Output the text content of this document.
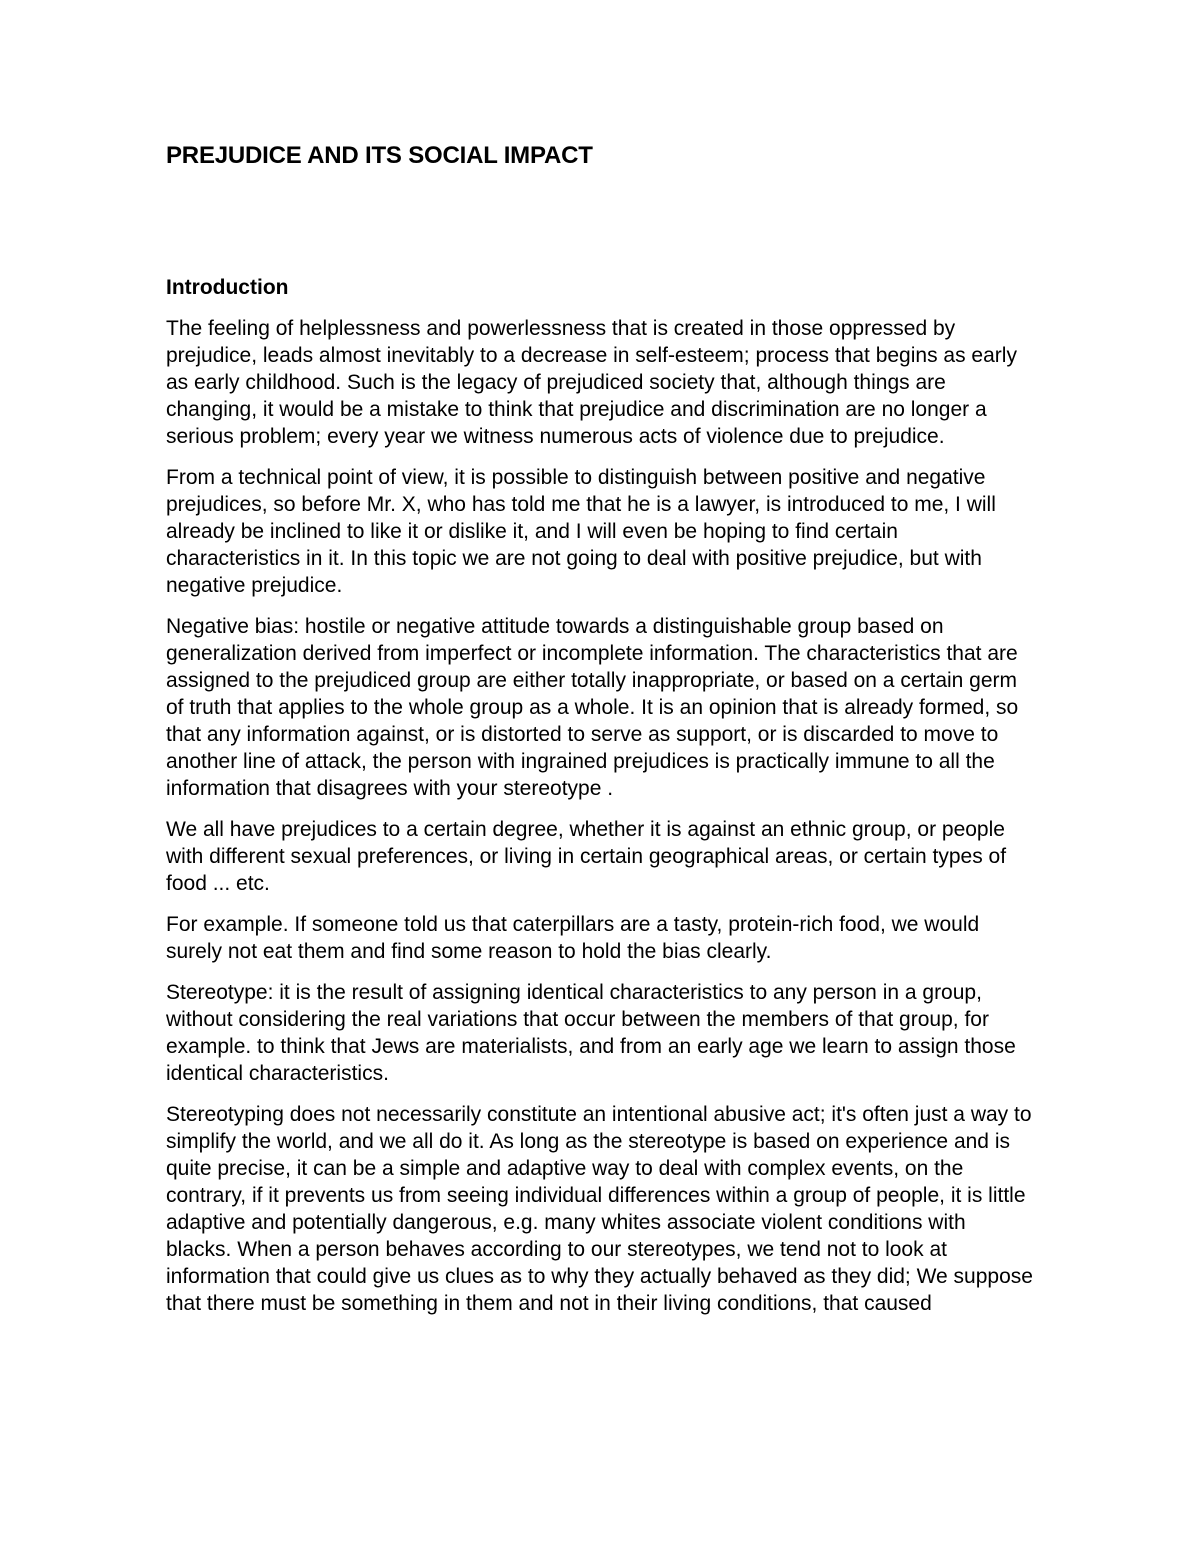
PREJUDICE AND ITS SOCIAL IMPACT
Introduction

The feeling of helplessness and powerlessness that is created in those oppressed by prejudice, leads almost inevitably to a decrease in self-esteem; process that begins as early as early childhood. Such is the legacy of prejudiced society that, although things are changing, it would be a mistake to think that prejudice and discrimination are no longer a serious problem; every year we witness numerous acts of violence due to prejudice.

From a technical point of view, it is possible to distinguish between positive and negative prejudices, so before Mr. X, who has told me that he is a lawyer, is introduced to me, I will already be inclined to like it or dislike it, and I will even be hoping to find certain characteristics in it. In this topic we are not going to deal with positive prejudice, but with negative prejudice.

Negative bias: hostile or negative attitude towards a distinguishable group based on generalization derived from imperfect or incomplete information. The characteristics that are assigned to the prejudiced group are either totally inappropriate, or based on a certain germ of truth that applies to the whole group as a whole. It is an opinion that is already formed, so that any information against, or is distorted to serve as support, or is discarded to move to another line of attack, the person with ingrained prejudices is practically immune to all the information that disagrees with your stereotype .

We all have prejudices to a certain degree, whether it is against an ethnic group, or people with different sexual preferences, or living in certain geographical areas, or certain types of food ... etc.

For example. If someone told us that caterpillars are a tasty, protein-rich food, we would surely not eat them and find some reason to hold the bias clearly.

Stereotype: it is the result of assigning identical characteristics to any person in a group, without considering the real variations that occur between the members of that group, for example. to think that Jews are materialists, and from an early age we learn to assign those identical characteristics.

Stereotyping does not necessarily constitute an intentional abusive act; it's often just a way to simplify the world, and we all do it. As long as the stereotype is based on experience and is quite precise, it can be a simple and adaptive way to deal with complex events, on the contrary, if it prevents us from seeing individual differences within a group of people, it is little adaptive and potentially dangerous, e.g. many whites associate violent conditions with blacks. When a person behaves according to our stereotypes, we tend not to look at information that could give us clues as to why they actually behaved as they did; We suppose that there must be something in them and not in their living conditions, that caused
